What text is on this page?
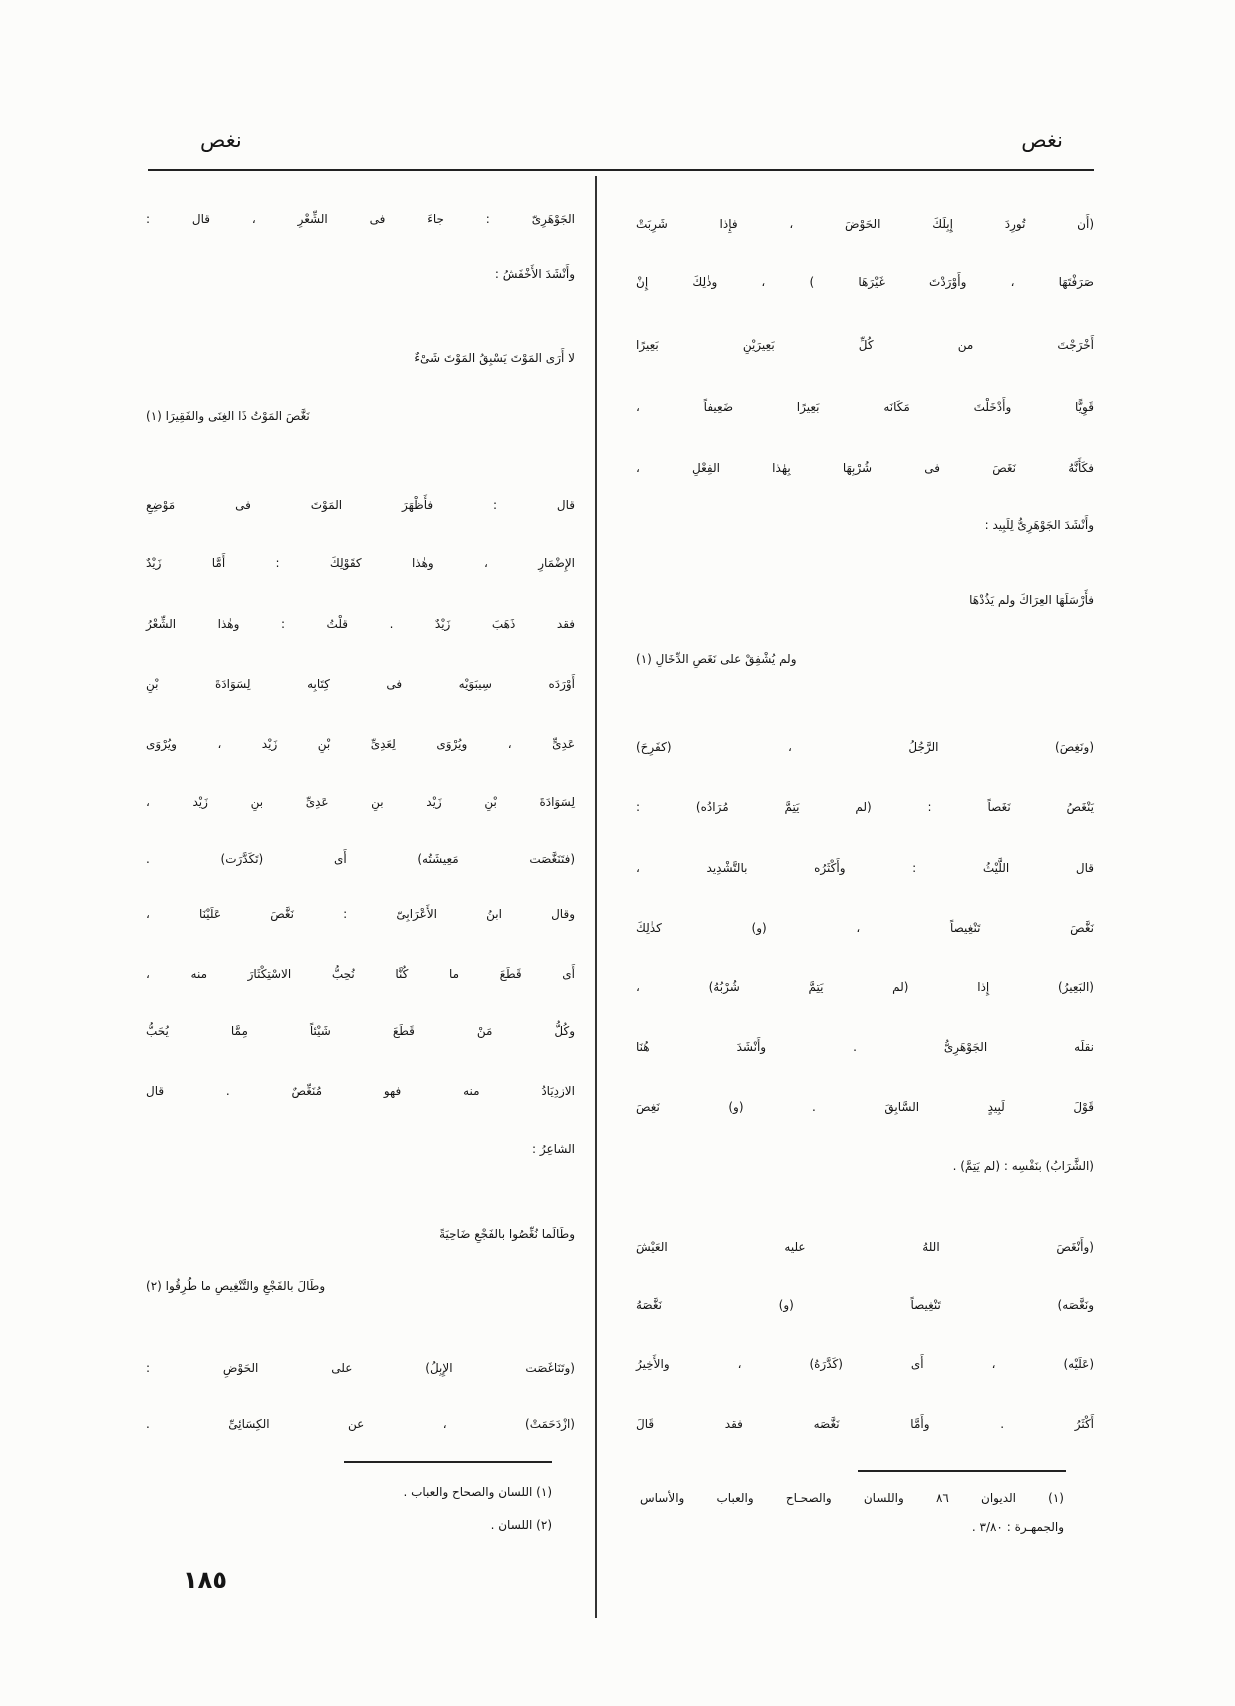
نغص
نغص
(أَن تُورِدَ إِبِلَكَ الحَوْضَ ، فإِذا شَرِبَتْ
صَرَفْتَهَا ، وأَوْرَدْتَ غَيْرَهَا ) ، وذٰلِكَ إِنْ
أَخْرَجْتَ من كُلِّ بَعِيرَيْنِ بَعِيرًا
قَوِيًّا وأَدْخَلْتَ مَكَانَه بَعِيرًا ضَعِيفاً ،
فكَأَنَّهُ نَغَصَ فى شُرْبِهَا بِهٰذا الفِعْلِ ،
وأَنْشَدَ الجَوْهَرِىُّ لِلَبِيد :
فأَرْسَلَهَا العِرَاكَ ولم يَذُدْهَا
ولم يُشْفِقْ على نَغَصِ الدِّخَالِ (١)
(ونَغِصَ) الرَّجُلُ ، (كفَرِحَ)
يَنْغَصُ نَغَصاً : (لم يَتِمَّ مُرَادُه) :
قال اللَّيْثُ : وأَكْثَرُه بالتَّشْدِيد ،
نَغَّصَ تَنْغِيصاً ، (و) كذٰلِكَ
(البَعِيرُ) إِذا (لم يَتِمَّ شُرْبُهُ) ،
نقلَه الجَوْهَرِىُّ . وأَنْشَدَ هُنَا
قَوْلَ لَبِيدٍ السَّابِقَ . (و) نَغِصَ
(الشَّرَابُ) بنَفْسِه : (لم يَتِمَّ) .
(وأَنْغَصَ اللهُ عليه العَيْشَ
ونَغَّصَه) تَنْغِيصاً (و) نَغَّصَهُ
(عَلَيْه) ، أَى (كَدَّرَهُ) ، والأَخِيرُ
أَكْثَرُ . وأَمَّا نَغَّصَه فقد قَالَ
الجَوْهَرِىّ : جاءَ فى الشِّعْرِ ، قال :
وأَنْشَدَ الأَخْفَشُ :
لا أَرَى المَوْتَ يَسْبِقُ المَوْتَ شَىْءٌ
نَغَّصَ المَوْتُ ذَا الغِنَى والفَقِيرَا (١)
قال : فأَظْهَرَ المَوْتَ فى مَوْضِعِ
الإِضْمَارِ ، وهٰذا كقَوْلِكَ : أَمَّا زَيْدٌ
فقد ذَهَبَ زَيْدٌ . قلْتُ : وهٰذا الشِّعْرُ
أَوْرَدَه سِيبَوَيْه فى كِتَابِه لِسَوَادَةَ بْنِ
عَدِىٍّ ، ويُرْوَى لِعَدِىِّ بْنِ زَيْد ، ويُرْوَى
لِسَوَادَةَ بْنِ زَيْد بنِ عَدِىِّ بنِ زَيْد ،
(فتَنَغَّصَت مَعِيشَتُه) أَى (تَكَدَّرَت) .
وقال ابنُ الأَعْرَابِىّ : نَغَّصَ عَلَيْنَا ،
أَى قَطَعَ ما كُنَّا نُحِبُّ الاسْتِكْثَارَ منه ،
وكُلُّ مَنْ قَطَعَ شَيْئاً مِمَّا يُحَبُّ
الازدِيَادُ منه فهو مُنَغِّصٌ . قال
الشاعِرُ :
وطَالَما نُغِّصُوا بالفَجْعِ ضَاحِيَةً
وطَالَ بالفَجْعِ والتَّنْغِيصِ ما طُرِقُوا (٢)
(وتَنَاغَصَت الإِبِلُ) على الحَوْضِ :
(ازْدَحَمَتْ) ، عن الكِسَائِىِّ .
(١) الديوان ٨٦ واللسان والصحـاح والعباب والأساس
والجمهـرة : ٣/٨٠ .
(١) اللسان والصحاح والعباب .
(٢) اللسان .
١٨٥
